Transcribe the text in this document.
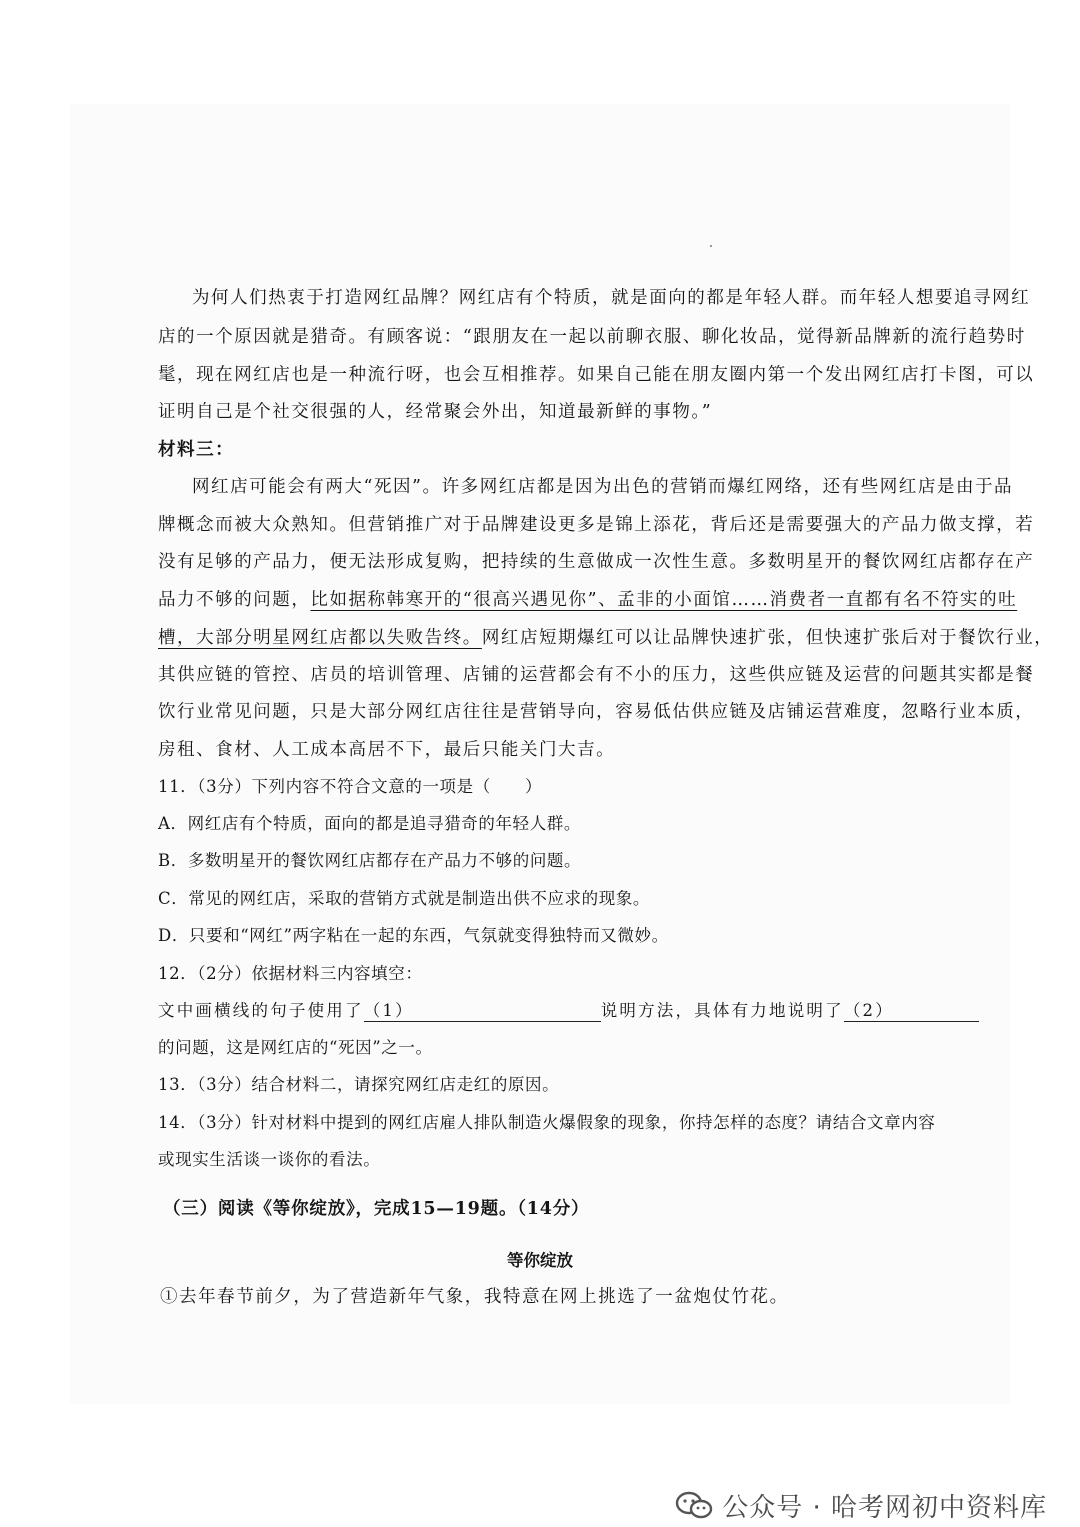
为何人们热衷于打造网红品牌？网红店有个特质，就是面向的都是年轻人群。而年轻人想要追寻网红

店的一个原因就是猎奇。有顾客说：“跟朋友在一起以前聊衣服、聊化妆品，觉得新品牌新的流行趋势时

髦，现在网红店也是一种流行呀，也会互相推荐。如果自己能在朋友圈内第一个发出网红店打卡图，可以

证明自己是个社交很强的人，经常聚会外出，知道最新鲜的事物。”

材料三：

网红店可能会有两大“死因”。许多网红店都是因为出色的营销而爆红网络，还有些网红店是由于品

牌概念而被大众熟知。但营销推广对于品牌建设更多是锦上添花，背后还是需要强大的产品力做支撑，若

没有足够的产品力，便无法形成复购，把持续的生意做成一次性生意。多数明星开的餐饮网红店都存在产

品力不够的问题，比如据称韩寒开的“很高兴遇见你”、孟非的小面馆……消费者一直都有名不符实的吐

槽，大部分明星网红店都以失败告终。网红店短期爆红可以让品牌快速扩张，但快速扩张后对于餐饮行业，

其供应链的管控、店员的培训管理、店铺的运营都会有不小的压力，这些供应链及运营的问题其实都是餐

饮行业常见问题，只是大部分网红店往往是营销导向，容易低估供应链及店铺运营难度，忽略行业本质，

房租、食材、人工成本高居不下，最后只能关门大吉。

11．（3分）下列内容不符合文意的一项是（　　）

A．网红店有个特质，面向的都是追寻猎奇的年轻人群。

B．多数明星开的餐饮网红店都存在产品力不够的问题。

C．常见的网红店，采取的营销方式就是制造出供不应求的现象。

D．只要和“网红”两字粘在一起的东西，气氛就变得独特而又微妙。

12．（2分）依据材料三内容填空：

文中画横线的句子使用了（1）	说明方法，具体有力地说明了（2）

的问题，这是网红店的“死因”之一。

13．（3分）结合材料二，请探究网红店走红的原因。

14．（3分）针对材料中提到的网红店雇人排队制造火爆假象的现象，你持怎样的态度？请结合文章内容

或现实生活谈一谈你的看法。

（三）阅读《等你绽放》，完成15—19题。（14分）

等你绽放

①去年春节前夕，为了营造新年气象，我特意在网上挑选了一盆炮仗竹花。

公众号 · 哈考网初中资料库
